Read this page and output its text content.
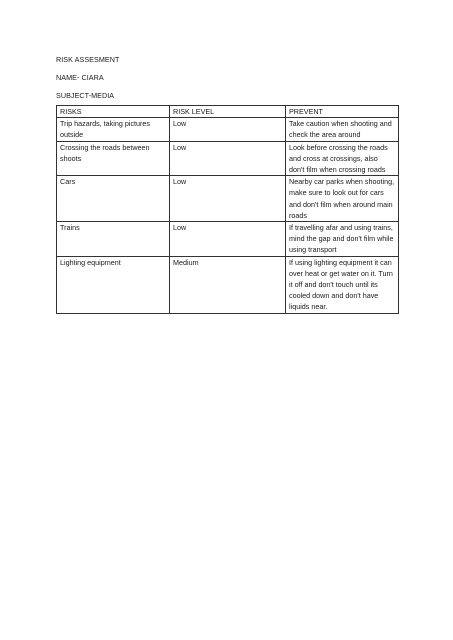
RISK ASSESMENT
NAME- CIARA
SUBJECT-MEDIA
RISKS	RISK LEVEL	PREVENT
Trip hazards, taking pictures outside	Low	Take caution when shooting and check the area around
Crossing the roads between shoots	Low	Look before crossing the roads and cross at crossings, also don't film when crossing roads
Cars	Low	Nearby car parks when shooting, make sure to look out for cars and don't film when around main roads
Trains	Low	If travelling afar and using trains, mind the gap and don't film while using transport
Lighting equipment	Medium	If using lighting equipment it can over heat or get water on it. Turn it off and don't touch until its cooled down and don't have liquids near.
